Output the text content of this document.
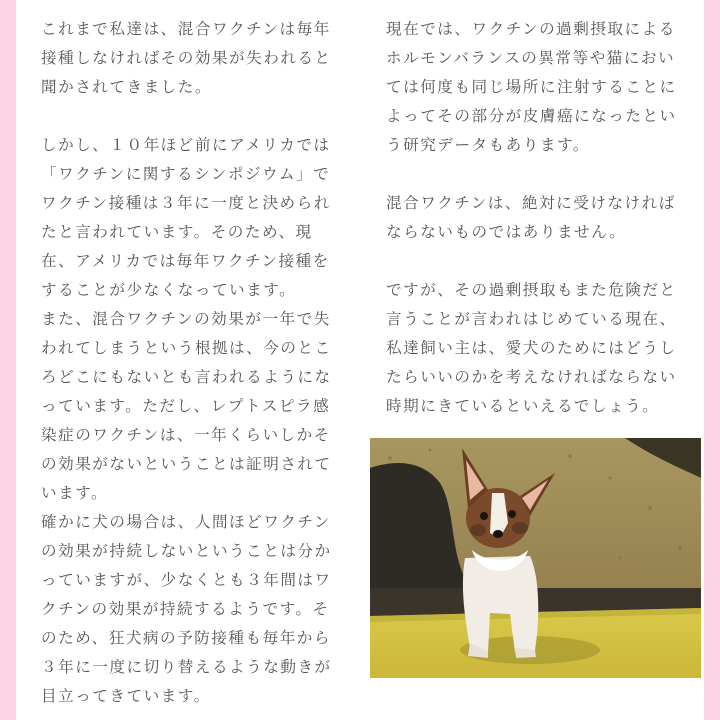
これまで私達は、混合ワクチンは毎年接種しなければその効果が失われると聞かされてきました。

しかし、１０年ほど前にアメリカでは「ワクチンに関するシンポジウム」でワクチン接種は３年に一度と決められたと言われています。そのため、現在、アメリカでは毎年ワクチン接種をすることが少なくなっています。

また、混合ワクチンの効果が一年で失われてしまうという根拠は、今のところどこにもないとも言われるようになっています。ただし、レプトスピラ感染症のワクチンは、一年くらいしかその効果がないということは証明されています。

確かに犬の場合は、人間ほどワクチンの効果が持続しないということは分かっていますが、少なくとも３年間はワクチンの効果が持続するようです。そのため、狂犬病の予防接種も毎年から３年に一度に切り替えるような動きが目立ってきています。

現在では、ワクチンの過剰摂取によるホルモンバランスの異常等や猫においては何度も同じ場所に注射することによってその部分が皮膚癌になったという研究データもあります。

混合ワクチンは、絶対に受けなければならないものではありません。

ですが、その過剰摂取もまた危険だと言うことが言われはじめている現在、私達飼い主は、愛犬のためにはどうしたらいいのかを考えなければならない時期にきているといえるでしょう。
